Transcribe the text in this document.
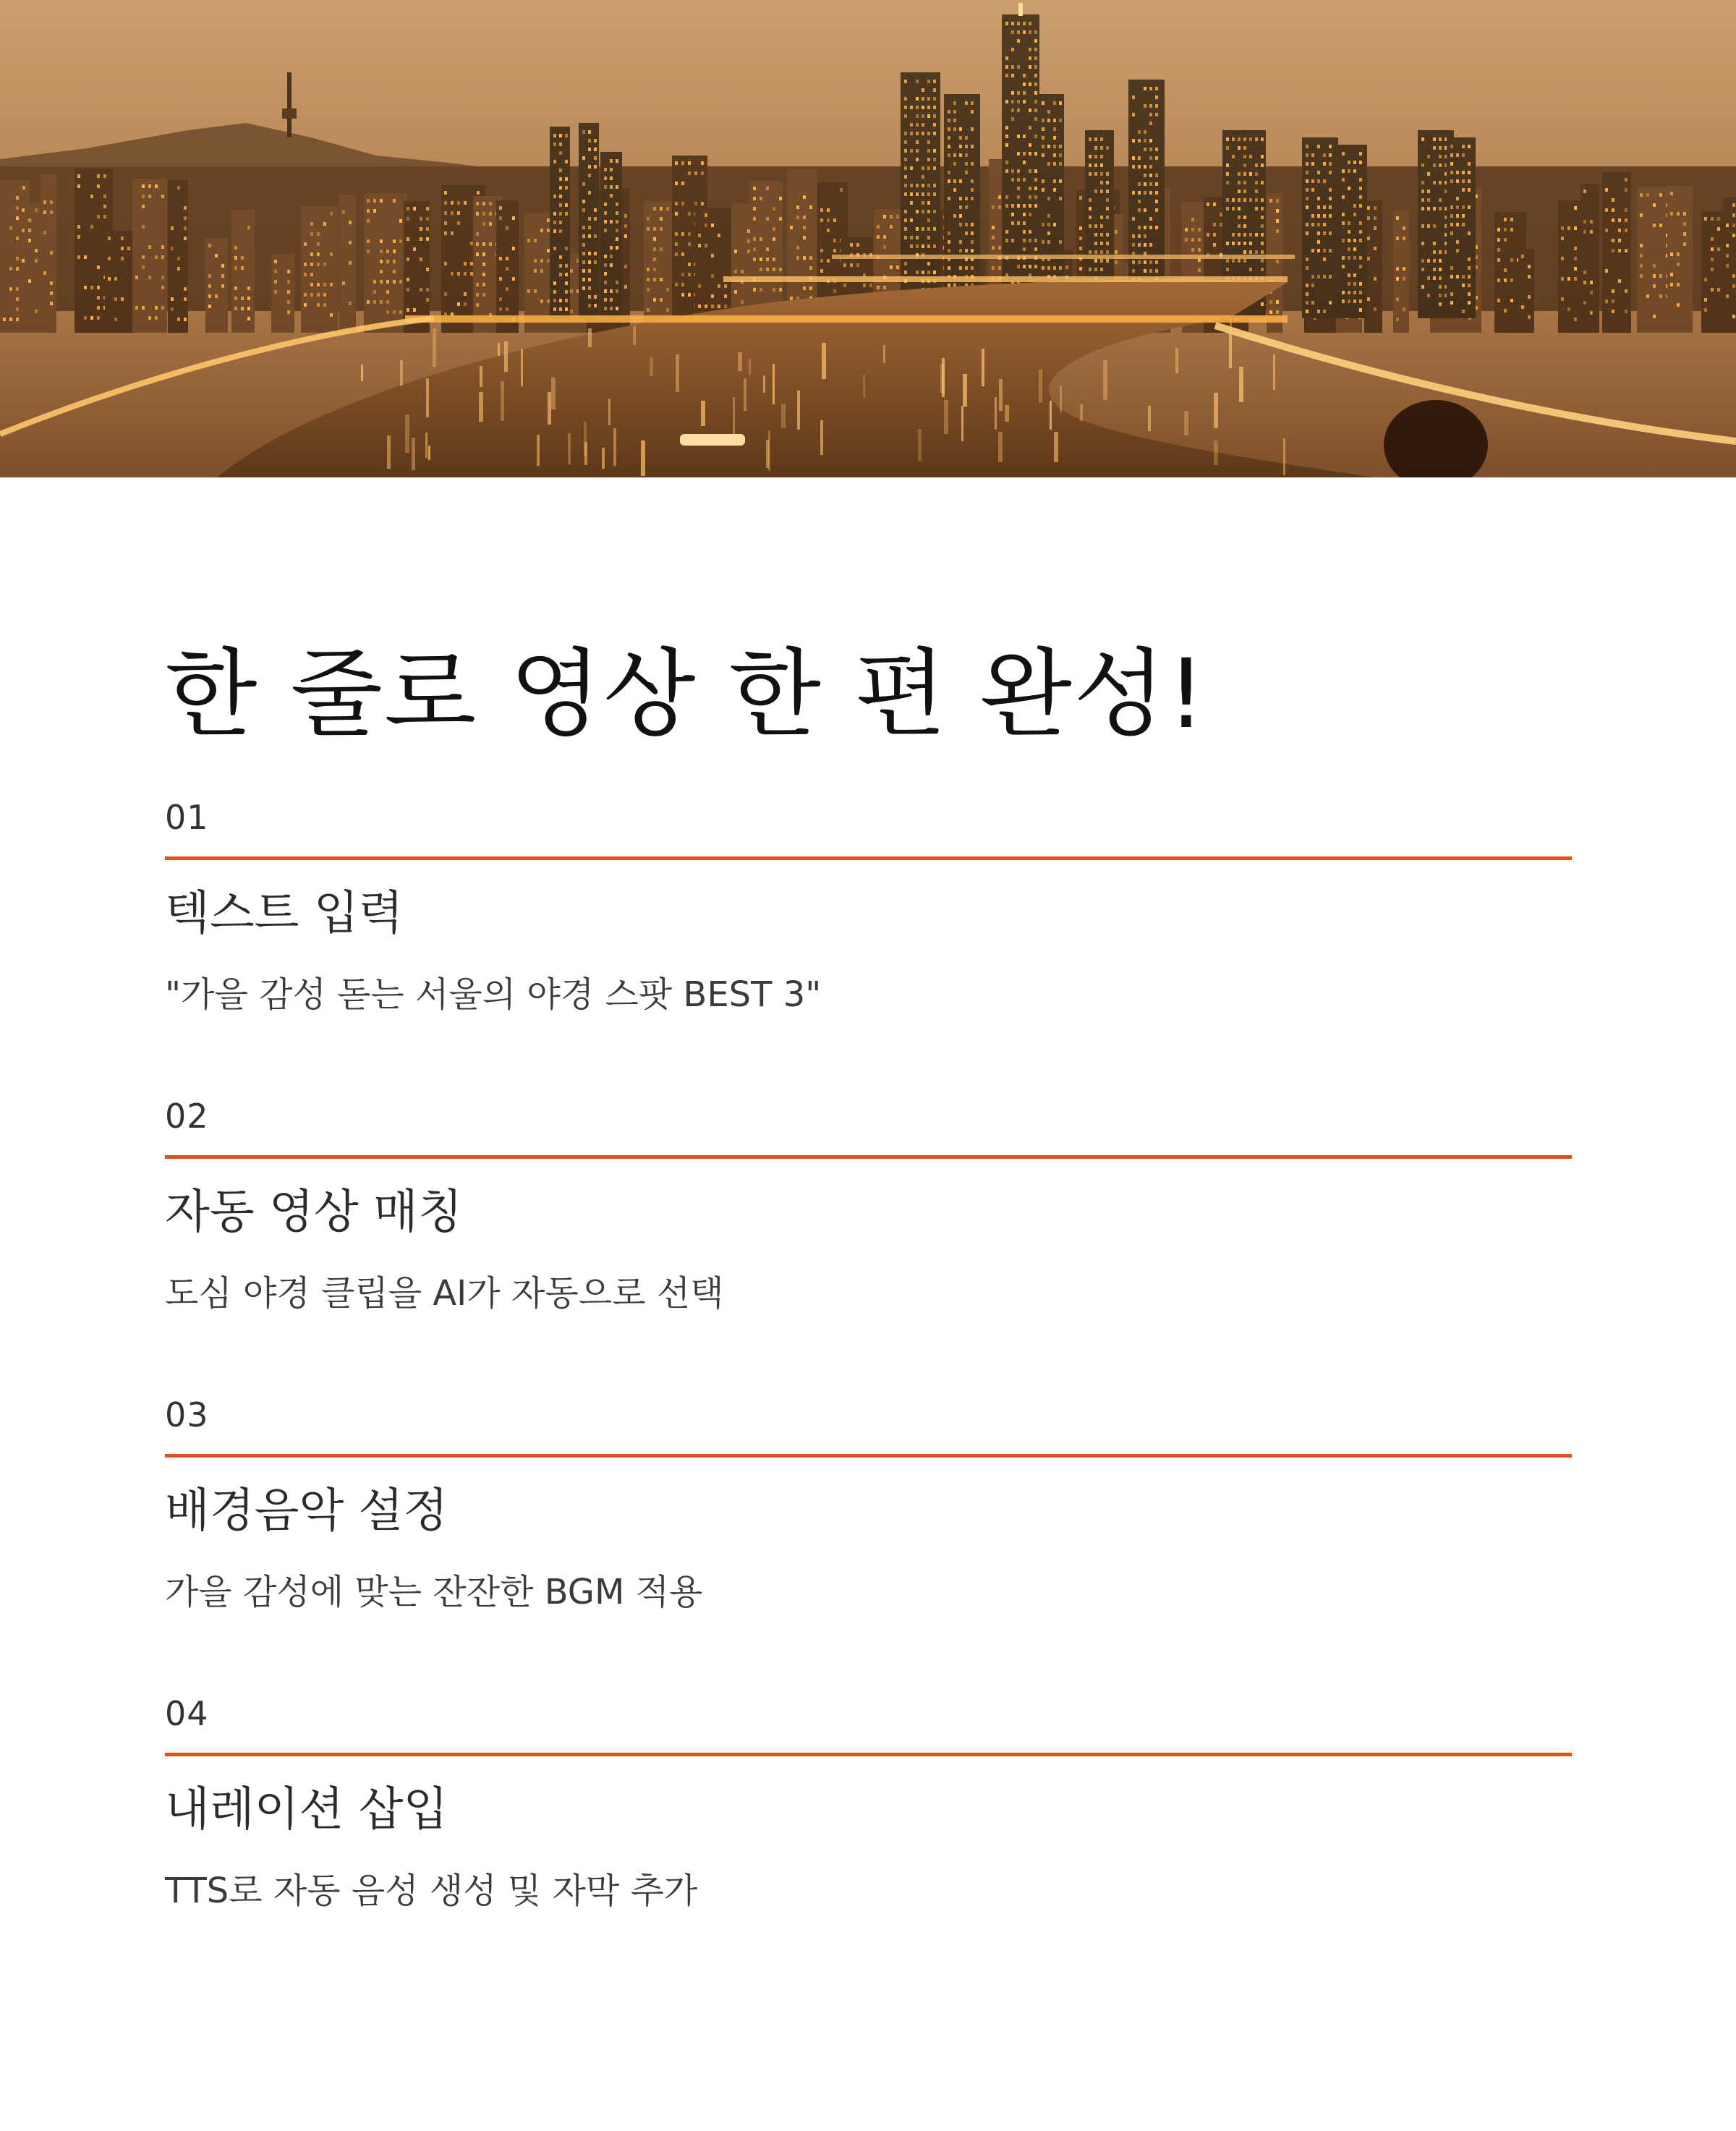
한 줄로 영상 한 편 완성!
01
텍스트 입력
"가을 감성 돋는 서울의 야경 스팟 BEST 3"
02
자동 영상 매칭
도심 야경 클립을 AI가 자동으로 선택
03
배경음악 설정
가을 감성에 맞는 잔잔한 BGM 적용
04
내레이션 삽입
TTS로 자동 음성 생성 및 자막 추가
